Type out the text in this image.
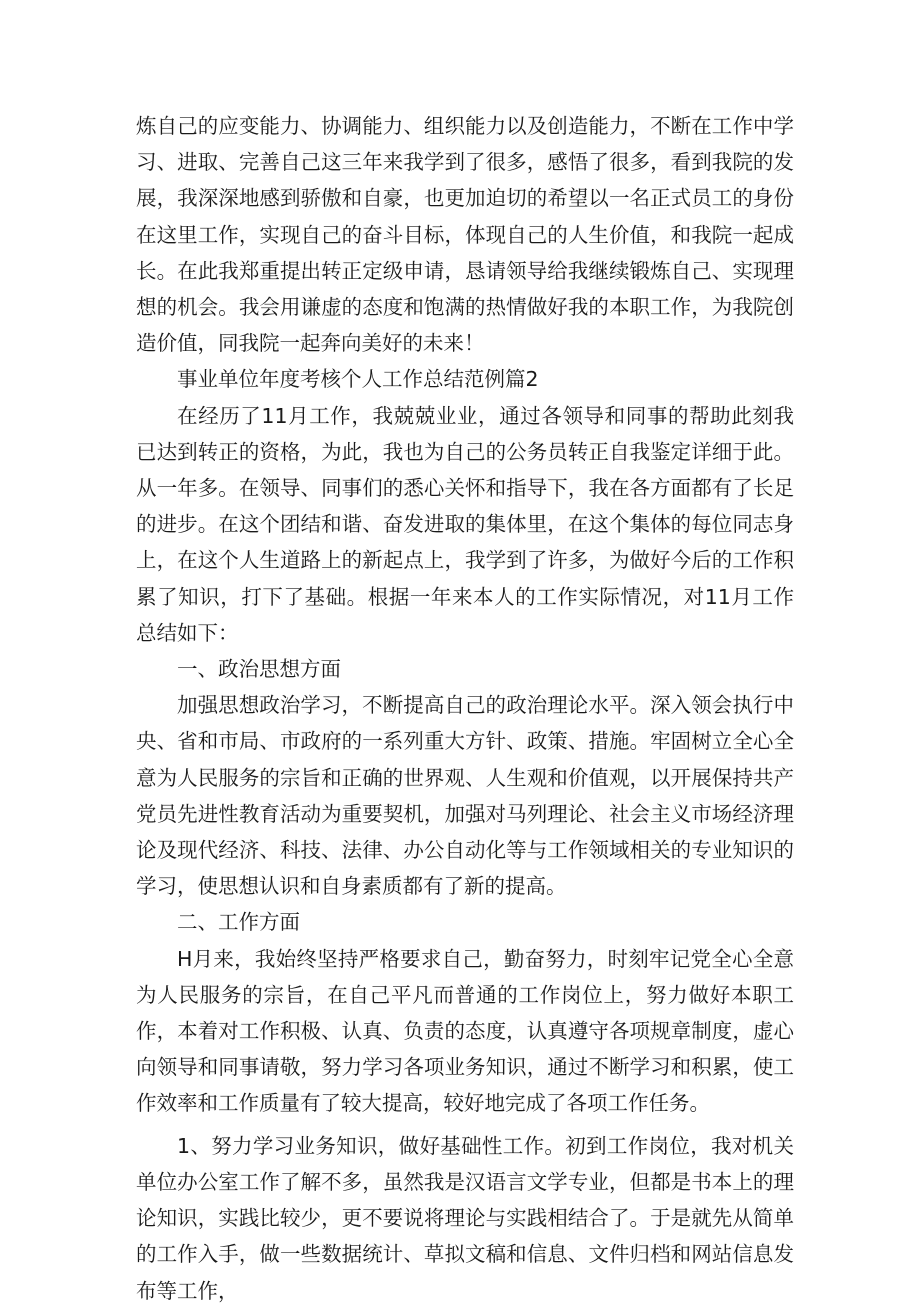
炼自己的应变能力、协调能力、组织能力以及创造能力，不断在工作中学习、进取、完善自己这三年来我学到了很多，感悟了很多，看到我院的发展，我深深地感到骄傲和自豪，也更加迫切的希望以一名正式员工的身份在这里工作，实现自己的奋斗目标，体现自己的人生价值，和我院一起成长。在此我郑重提出转正定级申请，恳请领导给我继续锻炼自己、实现理想的机会。我会用谦虚的态度和饱满的热情做好我的本职工作，为我院创造价值，同我院一起奔向美好的未来！

事业单位年度考核个人工作总结范例篇2

在经历了11月工作，我兢兢业业，通过各领导和同事的帮助此刻我已达到转正的资格，为此，我也为自己的公务员转正自我鉴定详细于此。从一年多。在领导、同事们的悉心关怀和指导下，我在各方面都有了长足的进步。在这个团结和谐、奋发进取的集体里，在这个集体的每位同志身上，在这个人生道路上的新起点上，我学到了许多，为做好今后的工作积累了知识，打下了基础。根据一年来本人的工作实际情况，对11月工作总结如下：

一、政治思想方面

加强思想政治学习，不断提高自己的政治理论水平。深入领会执行中央、省和市局、市政府的一系列重大方针、政策、措施。牢固树立全心全意为人民服务的宗旨和正确的世界观、人生观和价值观，以开展保持共产党员先进性教育活动为重要契机，加强对马列理论、社会主义市场经济理论及现代经济、科技、法律、办公自动化等与工作领域相关的专业知识的学习，使思想认识和自身素质都有了新的提高。

二、工作方面

H月来，我始终坚持严格要求自己，勤奋努力，时刻牢记党全心全意为人民服务的宗旨，在自己平凡而普通的工作岗位上，努力做好本职工作，本着对工作积极、认真、负责的态度，认真遵守各项规章制度，虚心向领导和同事请敬，努力学习各项业务知识，通过不断学习和积累，使工作效率和工作质量有了较大提高，较好地完成了各项工作任务。

1、努力学习业务知识，做好基础性工作。初到工作岗位，我对机关单位办公室工作了解不多，虽然我是汉语言文学专业，但都是书本上的理论知识，实践比较少，更不要说将理论与实践相结合了。于是就先从简单的工作入手，做一些数据统计、草拟文稿和信息、文件归档和网站信息发布等工作，
